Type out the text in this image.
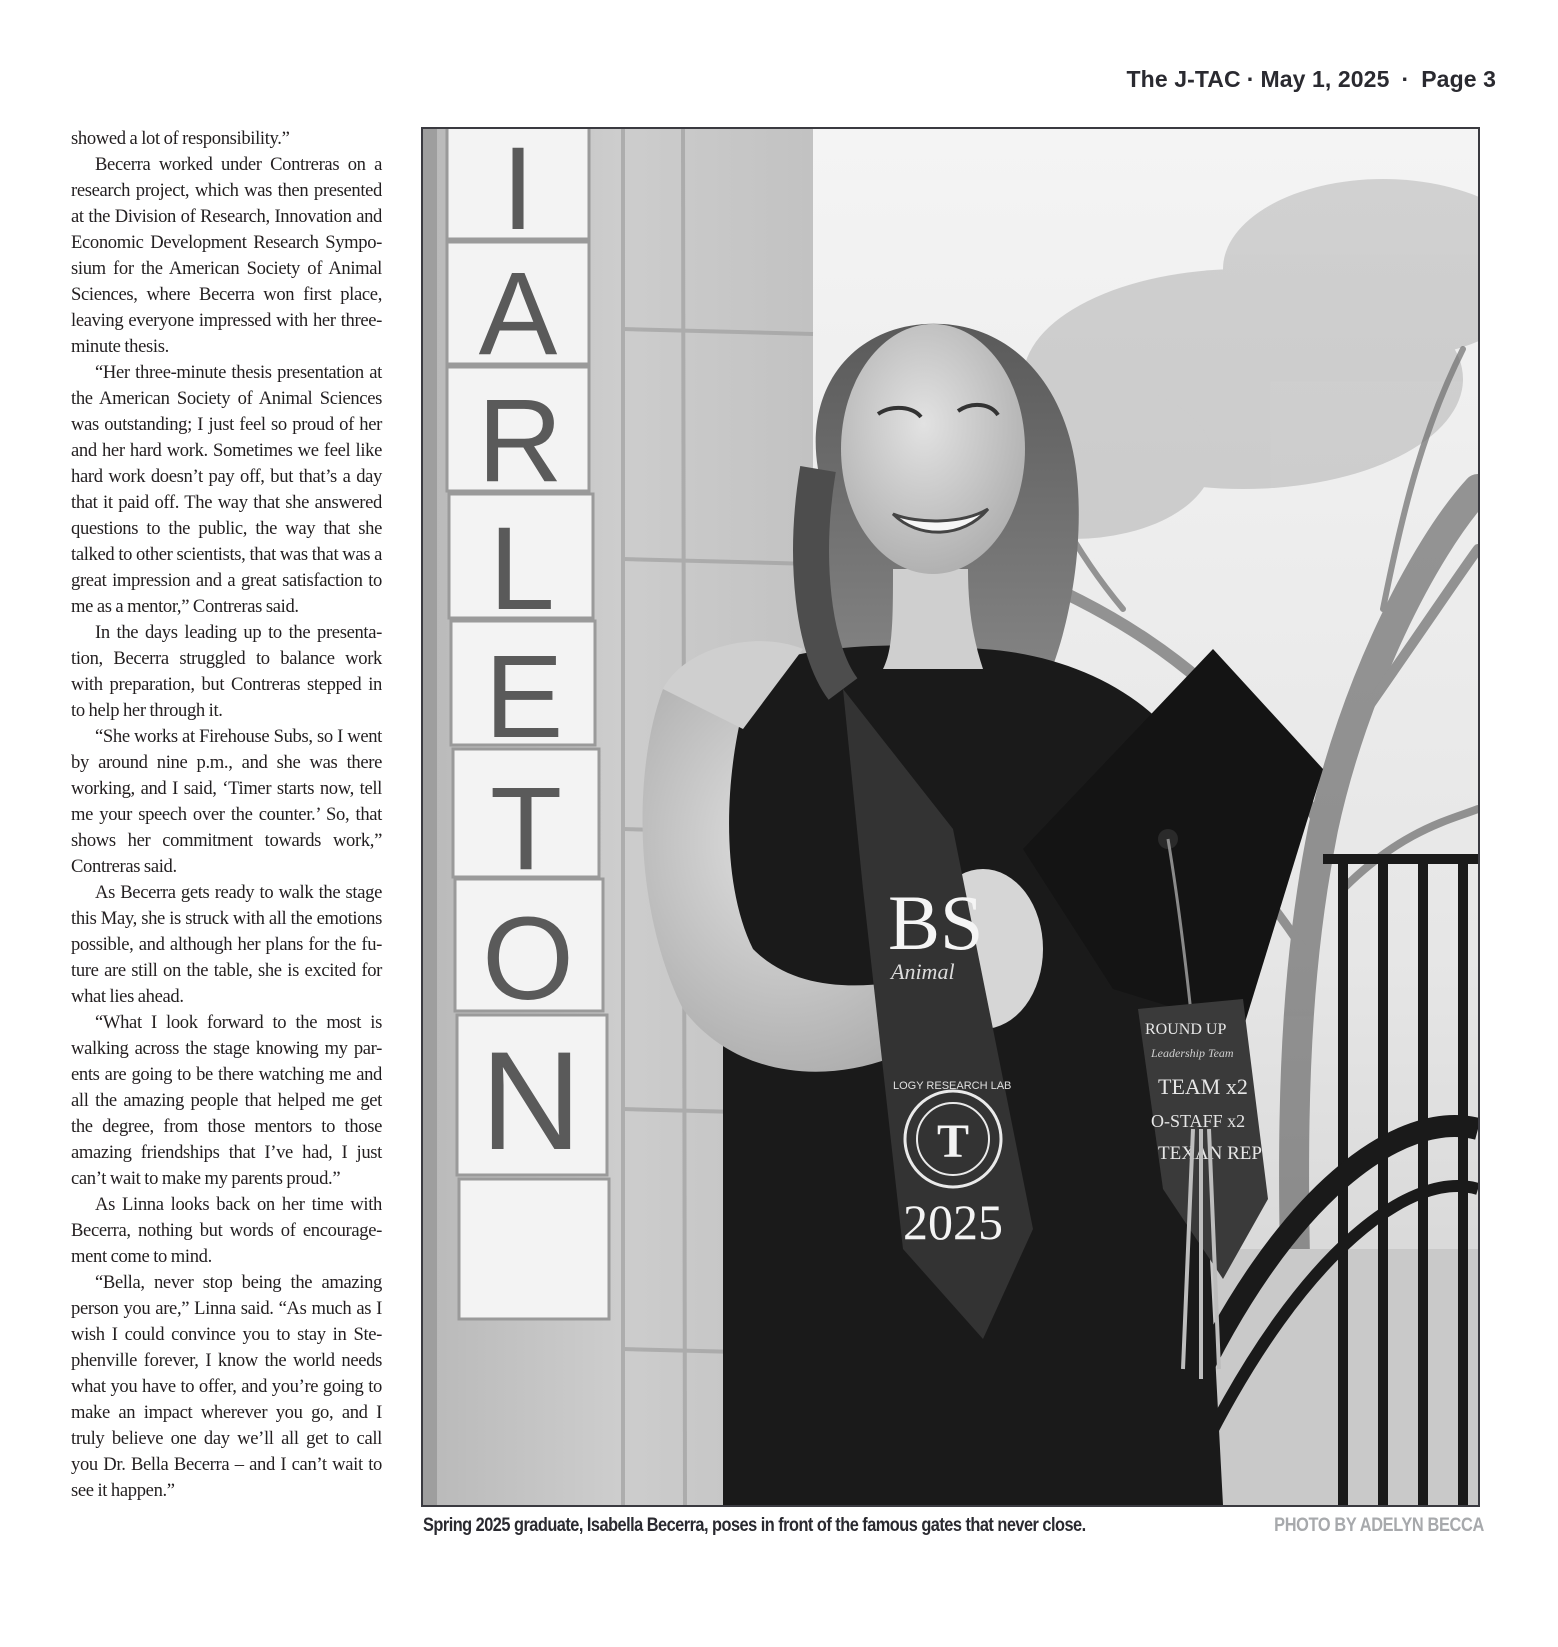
The J-TAC · May 1, 2025 · Page 3

showed a lot of responsibility.”

Becerra worked under Contreras on a research project, which was then presented at the Division of Research, Innovation and Economic Development Research Sympo-sium for the American Society of Animal Sciences, where Becerra won first place, leaving everyone impressed with her three-minute thesis.

“Her three-minute thesis presentation at the American Society of Animal Sciences was outstanding; I just feel so proud of her and her hard work. Sometimes we feel like hard work doesn’t pay off, but that’s a day that it paid off. The way that she answered questions to the public, the way that she talked to other scientists, that was that was a great impression and a great satisfaction to me as a mentor,” Contreras said.

In the days leading up to the presenta-tion, Becerra struggled to balance work with preparation, but Contreras stepped in to help her through it.

“She works at Firehouse Subs, so I went by around nine p.m., and she was there working, and I said, ‘Timer starts now, tell me your speech over the counter.’ So, that shows her commitment towards work,” Contreras said.

As Becerra gets ready to walk the stage this May, she is struck with all the emotions possible, and although her plans for the fu-ture are still on the table, she is excited for what lies ahead.

“What I look forward to the most is walking across the stage knowing my par-ents are going to be there watching me and all the amazing people that helped me get the degree, from those mentors to those amazing friendships that I’ve had, I just can’t wait to make my parents proud.”

As Linna looks back on her time with Becerra, nothing but words of encourage-ment come to mind.

“Bella, never stop being the amazing person you are,” Linna said. “As much as I wish I could convince you to stay in Ste-phenville forever, I know the world needs what you have to offer, and you’re going to make an impact wherever you go, and I truly believe one day we’ll all get to call you Dr. Bella Becerra – and I can’t wait to see it happen.”

I
A
R
L
E
T
O
N
BS
Animal
LOGY RESEARCH LAB
T
2025
ROUND UP
Leadership Team
TEAM x2
O-STAFF x2
TEXAN REP
Spring 2025 graduate, Isabella Becerra, poses in front of the famous gates that never close.	PHOTO BY ADELYN BECCA
